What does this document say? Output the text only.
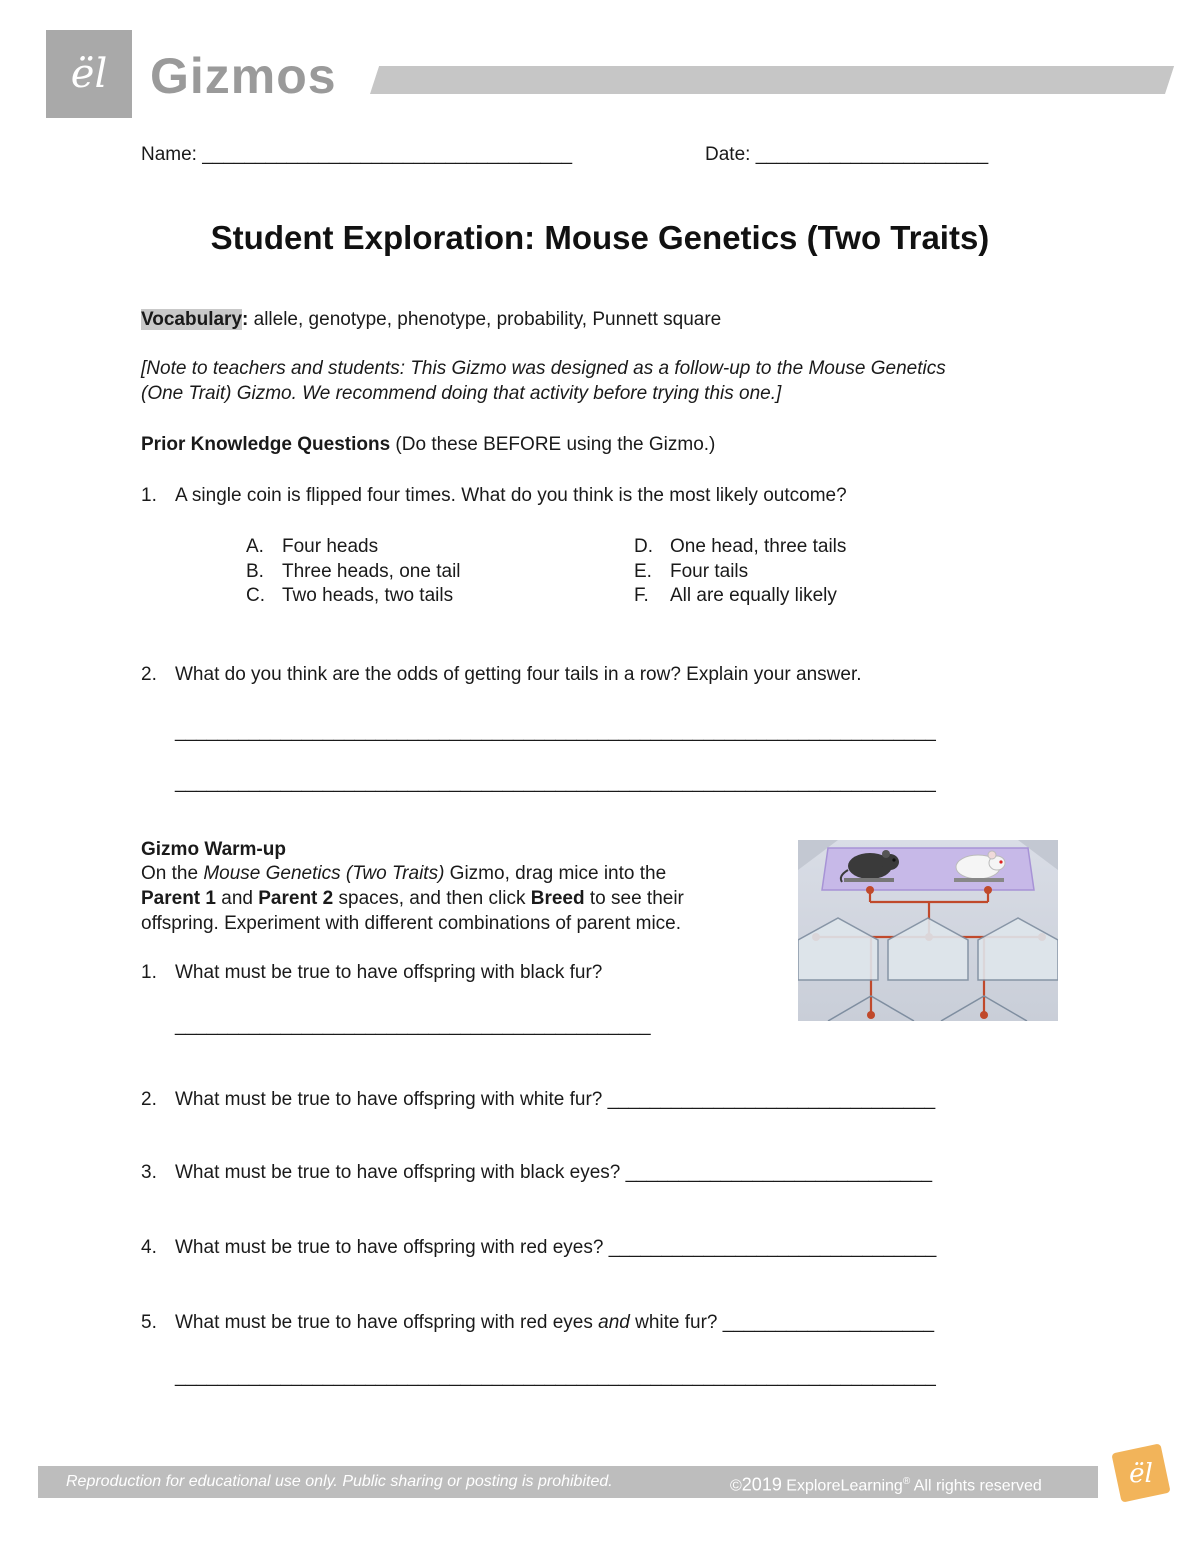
ël Gizmos
Name: ___________________________________	Date: ______________________
Student Exploration: Mouse Genetics (Two Traits)
Vocabulary: allele, genotype, phenotype, probability, Punnett square
[Note to teachers and students: This Gizmo was designed as a follow-up to the Mouse Genetics
(One Trait) Gizmo. We recommend doing that activity before trying this one.]
Prior Knowledge Questions (Do these BEFORE using the Gizmo.)
1. A single coin is flipped four times. What do you think is the most likely outcome?
A. Four heads
B. Three heads, one tail
C. Two heads, two tails
D. One head, three tails
E. Four tails
F. All are equally likely
2. What do you think are the odds of getting four tails in a row? Explain your answer.
________________________________________________________________________
________________________________________________________________________
Gizmo Warm-up
On the Mouse Genetics (Two Traits) Gizmo, drag mice into the
Parent 1 and Parent 2 spaces, and then click Breed to see their
offspring. Experiment with different combinations of parent mice.
1. What must be true to have offspring with black fur?
_____________________________________________
2. What must be true to have offspring with white fur? _______________________________
3. What must be true to have offspring with black eyes? _____________________________
4. What must be true to have offspring with red eyes? _______________________________
5. What must be true to have offspring with red eyes and white fur? ____________________
________________________________________________________________________
Reproduction for educational use only. Public sharing or posting is prohibited.	©2019 ExploreLearning® All rights reserved	ël
